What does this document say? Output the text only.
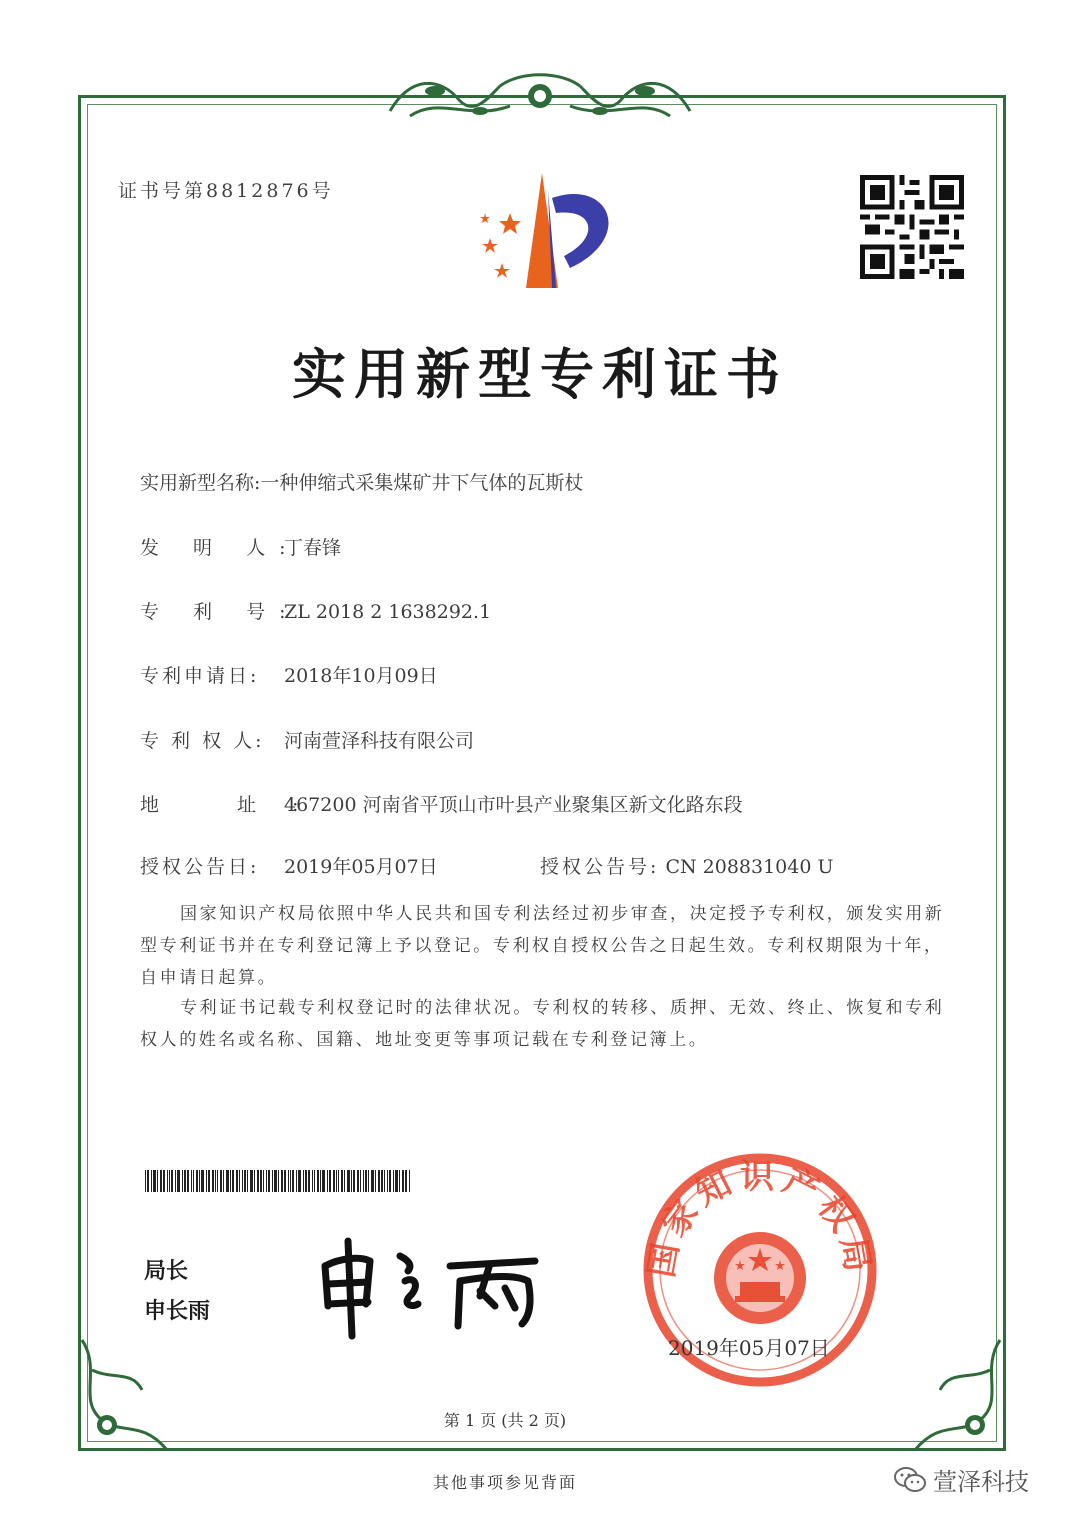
证书号第8812876号
实用新型专利证书
实用新型名称:一种伸缩式采集煤矿井下气体的瓦斯杖
发 明 人:丁春锋
专 利 号:ZL 2018 2 1638292.1
专利申请日: 2018年10月09日
专 利 权 人: 河南萱泽科技有限公司
地 址:467200 河南省平顶山市叶县产业聚集区新文化路东段
授权公告日: 2019年05月07日	授权公告号: CN 208831040 U
国家知识产权局依照中华人民共和国专利法经过初步审查，决定授予专利权，颁发实用新型专利证书并在专利登记簿上予以登记。专利权自授权公告之日起生效。专利权期限为十年，自申请日起算。
专利证书记载专利权登记时的法律状况。专利权的转移、质押、无效、终止、恢复和专利权人的姓名或名称、国籍、地址变更等事项记载在专利登记簿上。
局长
申长雨
国家知识产权局
2019年05月07日
第 1 页 (共 2 页)
其他事项参见背面	萱泽科技
